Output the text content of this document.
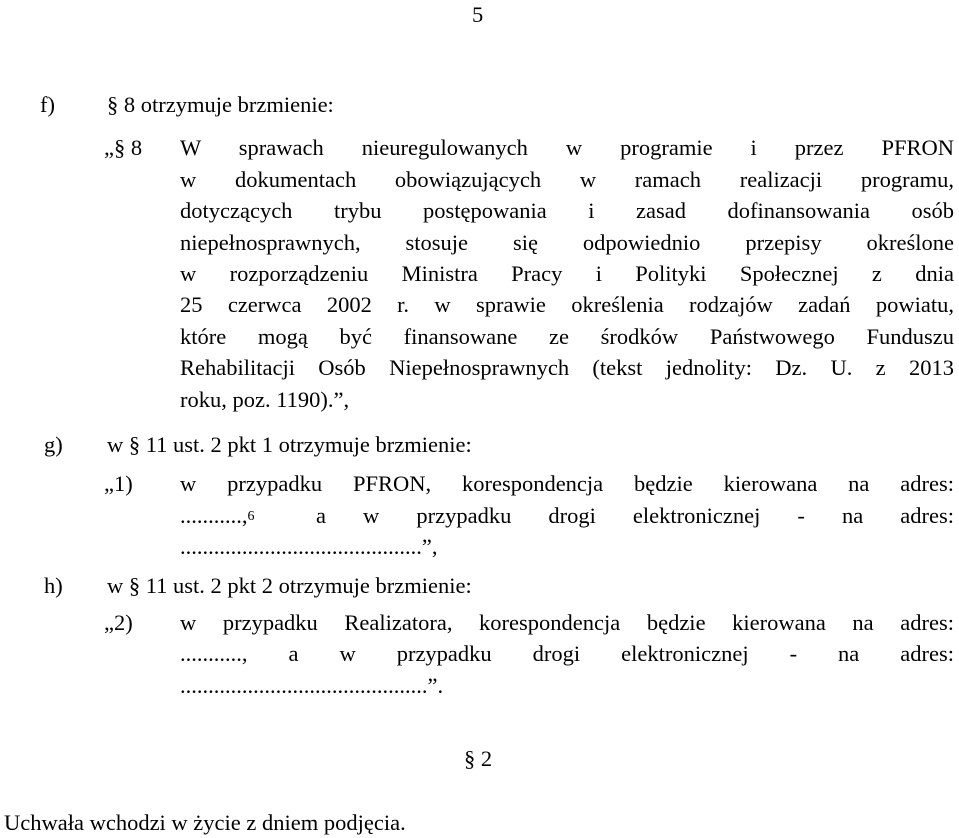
5
f) § 8 otrzymuje brzmienie:
„§ 8 W sprawach nieuregulowanych w programie i przez PFRON
w dokumentach obowiązujących w ramach realizacji programu,
dotyczących trybu postępowania i zasad dofinansowania osób
niepełnosprawnych, stosuje się odpowiednio przepisy określone
w rozporządzeniu Ministra Pracy i Polityki Społecznej z dnia
25 czerwca 2002 r. w sprawie określenia rodzajów zadań powiatu,
które mogą być finansowane ze środków Państwowego Funduszu
Rehabilitacji Osób Niepełnosprawnych (tekst jednolity: Dz. U. z 2013
roku, poz. 1190).”,
g) w § 11 ust. 2 pkt 1 otrzymuje brzmienie:
„1) w przypadku PFRON, korespondencja będzie kierowana na adres:
...........,$^6$	a w przypadku drogi elektronicznej - na adres:
...........................................”,
h) w § 11 ust. 2 pkt 2 otrzymuje brzmienie:
„2) w przypadku Realizatora, korespondencja będzie kierowana na adres:
..........., a w przypadku drogi elektronicznej - na adres:
............................................”.
§ 2
Uchwała wchodzi w życie z dniem podjęcia.
